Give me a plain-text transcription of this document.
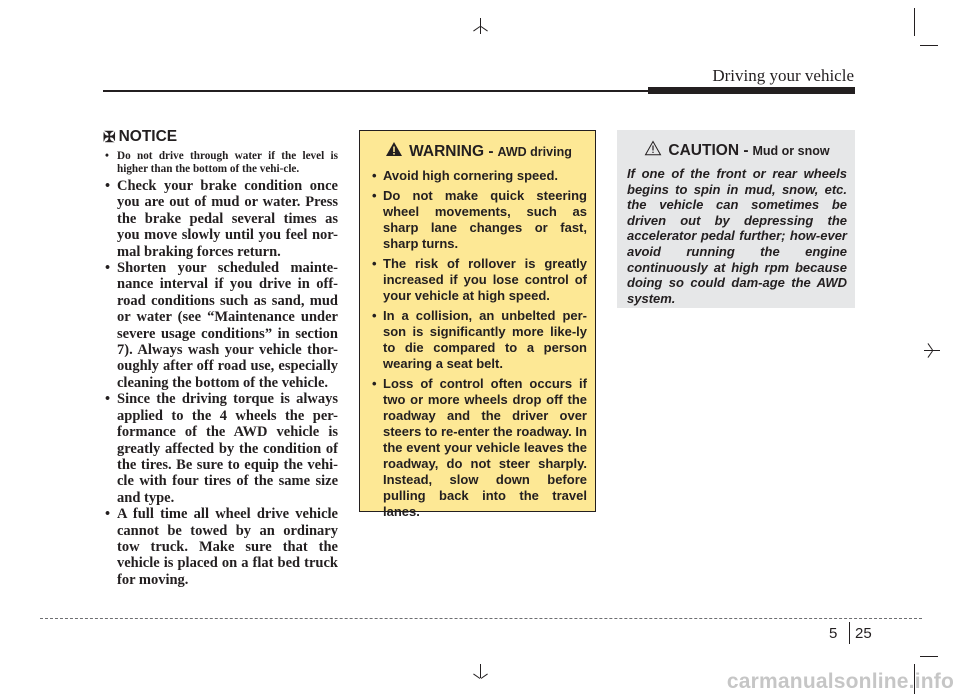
Driving your vehicle
✠ NOTICE
• Do not drive through water if the level is higher than the bottom of the vehi-cle.
• Check your brake condition once you are out of mud or water. Press the brake pedal several times as you move slowly until you feel nor-mal braking forces return.
• Shorten your scheduled mainte-nance interval if you drive in off-road conditions such as sand, mud or water (see “Maintenance under severe usage conditions” in section 7). Always wash your vehicle thor-oughly after off road use, especially cleaning the bottom of the vehicle.
• Since the driving torque is always applied to the 4 wheels the per-formance of the AWD vehicle is greatly affected by the condition of the tires. Be sure to equip the vehi-cle with four tires of the same size and type.
• A full time all wheel drive vehicle cannot be towed by an ordinary tow truck. Make sure that the vehicle is placed on a flat bed truck for moving.
WARNING - AWD driving
• Avoid high cornering speed.
• Do not make quick steering wheel movements, such as sharp lane changes or fast, sharp turns.
• The risk of rollover is greatly increased if you lose control of your vehicle at high speed.
• In a collision, an unbelted per-son is significantly more like-ly to die compared to a person wearing a seat belt.
• Loss of control often occurs if two or more wheels drop off the roadway and the driver over steers to re-enter the roadway. In the event your vehicle leaves the roadway, do not steer sharply. Instead, slow down before pulling back into the travel lanes.
CAUTION - Mud or snow

If one of the front or rear wheels begins to spin in mud, snow, etc. the vehicle can sometimes be driven out by depressing the accelerator pedal further; how-ever avoid running the engine continuously at high rpm because doing so could dam-age the AWD system.

5 25
carmanualsonline.info
